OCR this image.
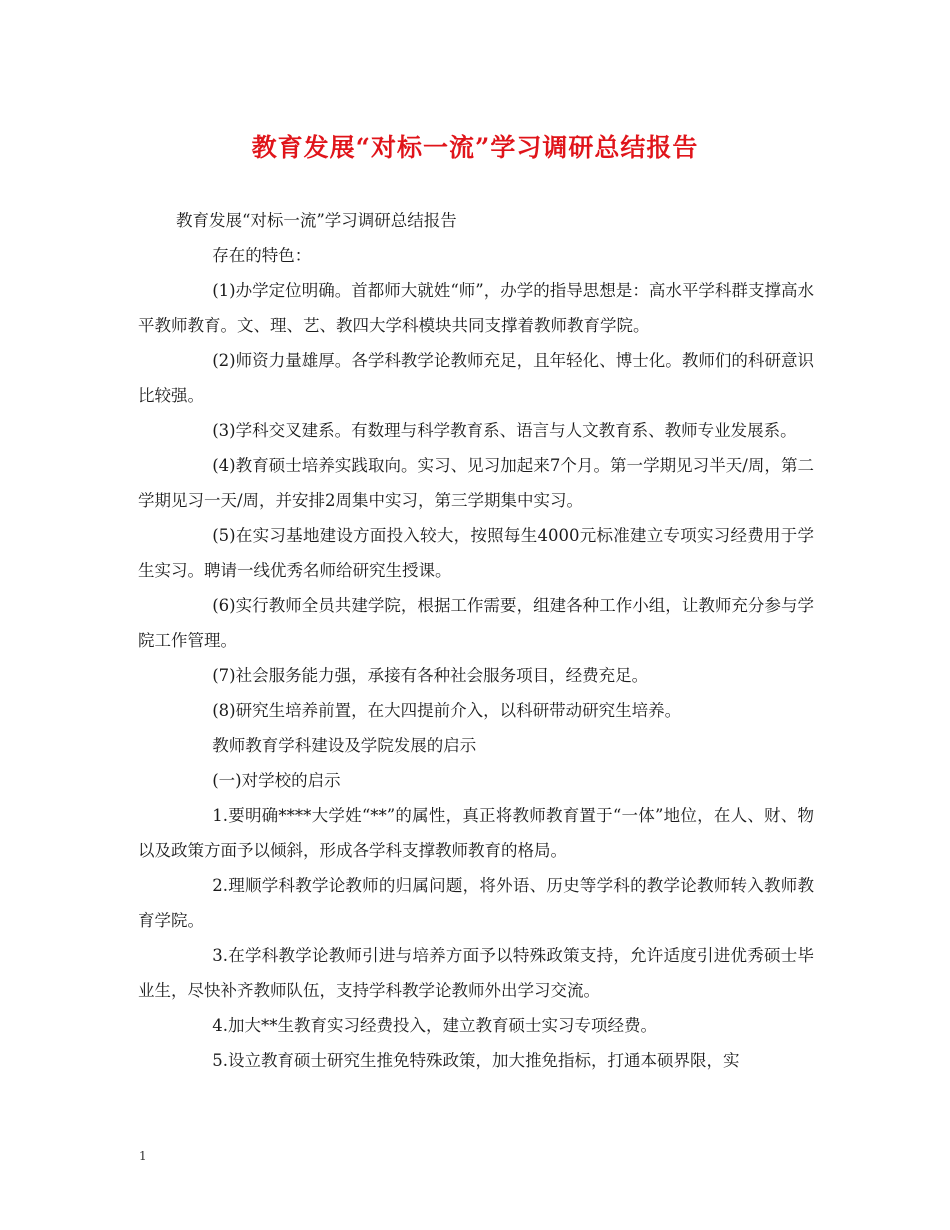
教育发展“对标一流”学习调研总结报告

教育发展“对标一流”学习调研总结报告

存在的特色：

(1)办学定位明确。首都师大就姓“师”，办学的指导思想是：高水平学科群支撑高水平教师教育。文、理、艺、教四大学科模块共同支撑着教师教育学院。

(2)师资力量雄厚。各学科教学论教师充足，且年轻化、博士化。教师们的科研意识比较强。

(3)学科交叉建系。有数理与科学教育系、语言与人文教育系、教师专业发展系。

(4)教育硕士培养实践取向。实习、见习加起来7个月。第一学期见习半天/周，第二学期见习一天/周，并安排2周集中实习，第三学期集中实习。

(5)在实习基地建设方面投入较大，按照每生4000元标准建立专项实习经费用于学生实习。聘请一线优秀名师给研究生授课。

(6)实行教师全员共建学院，根据工作需要，组建各种工作小组，让教师充分参与学院工作管理。

(7)社会服务能力强，承接有各种社会服务项目，经费充足。

(8)研究生培养前置，在大四提前介入，以科研带动研究生培养。

教师教育学科建设及学院发展的启示

(一)对学校的启示

1.要明确****大学姓“**”的属性，真正将教师教育置于“一体”地位，在人、财、物以及政策方面予以倾斜，形成各学科支撑教师教育的格局。

2.理顺学科教学论教师的归属问题，将外语、历史等学科的教学论教师转入教师教育学院。

3.在学科教学论教师引进与培养方面予以特殊政策支持，允许适度引进优秀硕士毕业生，尽快补齐教师队伍，支持学科教学论教师外出学习交流。

4.加大**生教育实习经费投入，建立教育硕士实习专项经费。

5.设立教育硕士研究生推免特殊政策，加大推免指标，打通本硕界限，实

1
